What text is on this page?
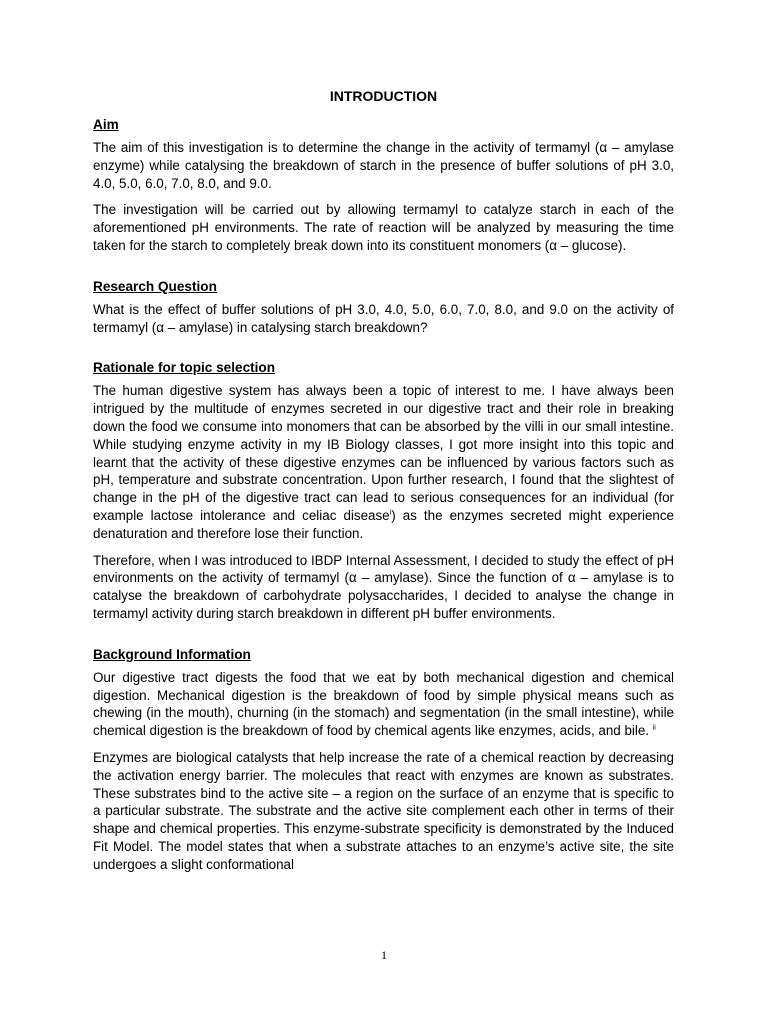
INTRODUCTION
Aim
The aim of this investigation is to determine the change in the activity of termamyl (α – amylase enzyme) while catalysing the breakdown of starch in the presence of buffer solutions of pH 3.0, 4.0, 5.0, 6.0, 7.0, 8.0, and 9.0.
The investigation will be carried out by allowing termamyl to catalyze starch in each of the aforementioned pH environments. The rate of reaction will be analyzed by measuring the time taken for the starch to completely break down into its constituent monomers (α – glucose).
Research Question
What is the effect of buffer solutions of pH 3.0, 4.0, 5.0, 6.0, 7.0, 8.0, and 9.0 on the activity of termamyl (α – amylase) in catalysing starch breakdown?
Rationale for topic selection
The human digestive system has always been a topic of interest to me. I have always been intrigued by the multitude of enzymes secreted in our digestive tract and their role in breaking down the food we consume into monomers that can be absorbed by the villi in our small intestine. While studying enzyme activity in my IB Biology classes, I got more insight into this topic and learnt that the activity of these digestive enzymes can be influenced by various factors such as pH, temperature and substrate concentration. Upon further research, I found that the slightest of change in the pH of the digestive tract can lead to serious consequences for an individual (for example lactose intolerance and celiac disease$^i$) as the enzymes secreted might experience denaturation and therefore lose their function.
Therefore, when I was introduced to IBDP Internal Assessment, I decided to study the effect of pH environments on the activity of termamyl (α – amylase). Since the function of α – amylase is to catalyse the breakdown of carbohydrate polysaccharides, I decided to analyse the change in termamyl activity during starch breakdown in different pH buffer environments.
Background Information
Our digestive tract digests the food that we eat by both mechanical digestion and chemical digestion. Mechanical digestion is the breakdown of food by simple physical means such as chewing (in the mouth), churning (in the stomach) and segmentation (in the small intestine), while chemical digestion is the breakdown of food by chemical agents like enzymes, acids, and bile. $^{ii}$
Enzymes are biological catalysts that help increase the rate of a chemical reaction by decreasing the activation energy barrier. The molecules that react with enzymes are known as substrates. These substrates bind to the active site – a region on the surface of an enzyme that is specific to a particular substrate. The substrate and the active site complement each other in terms of their shape and chemical properties. This enzyme-substrate specificity is demonstrated by the Induced Fit Model. The model states that when a substrate attaches to an enzyme’s active site, the site undergoes a slight conformational
1
